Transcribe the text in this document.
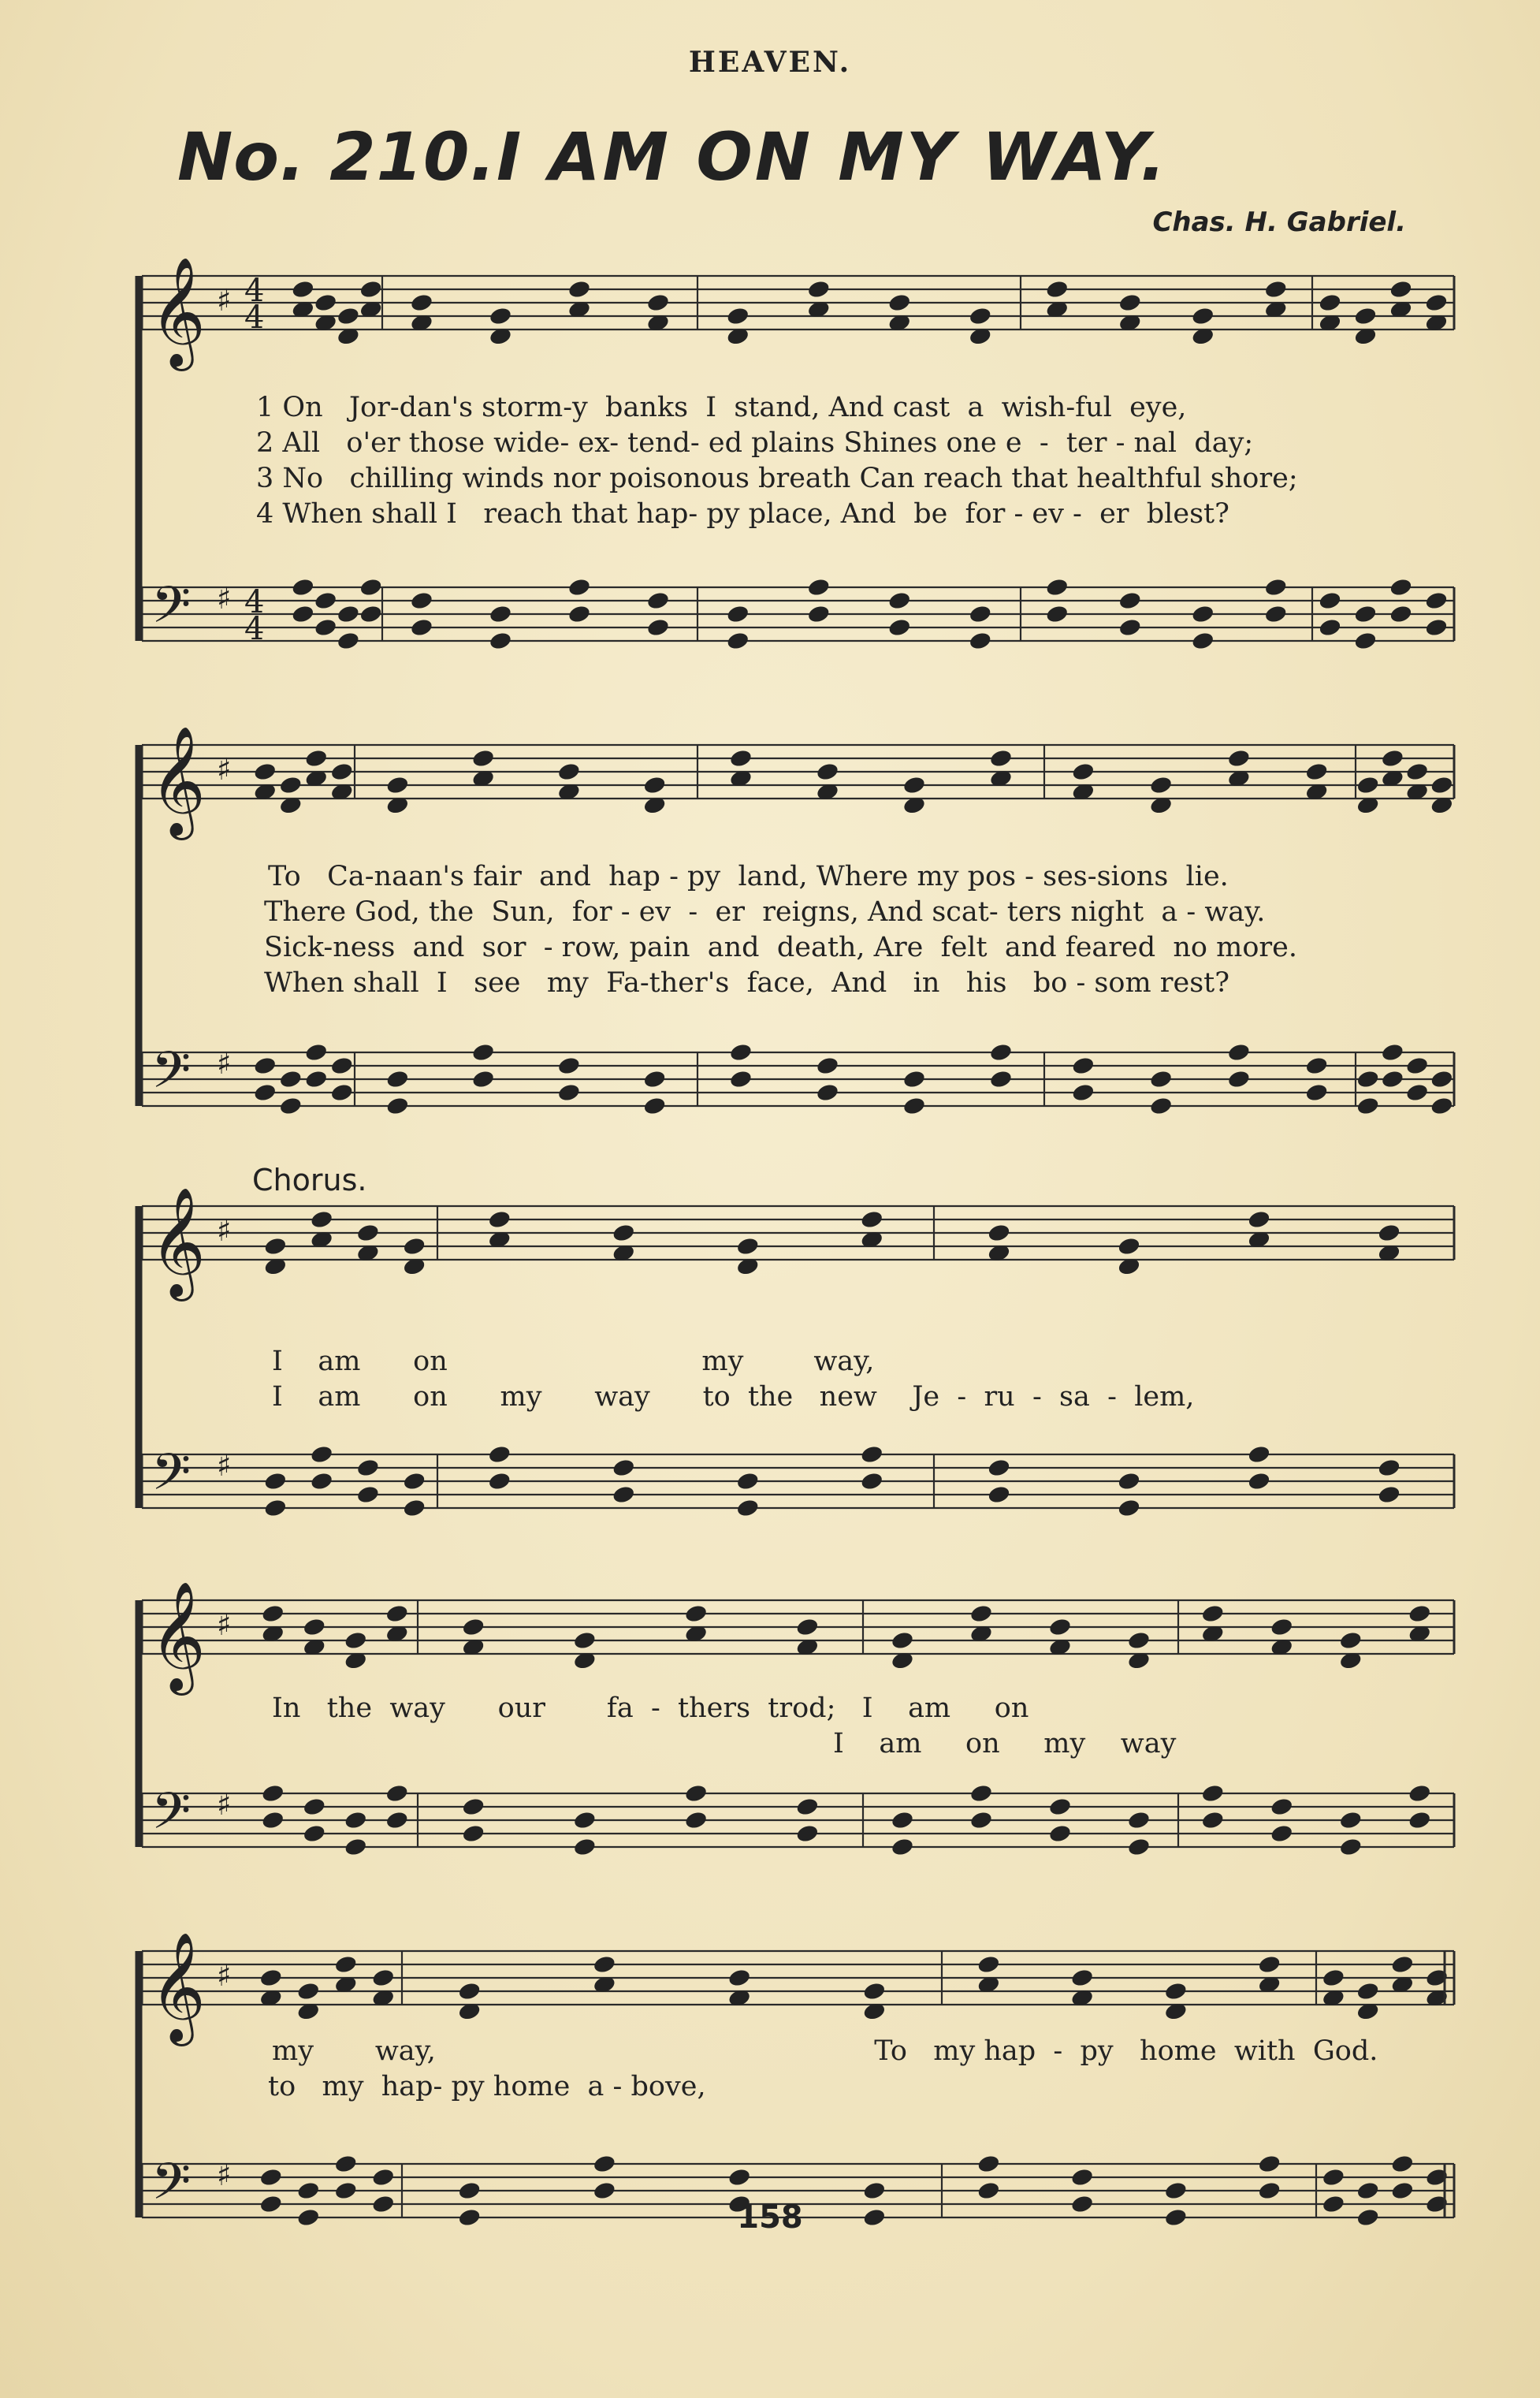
HEAVEN.
No. 210. I AM ON MY WAY.
Chas. H. Gabriel.
𝄞 ♯ 4
4
𝄢 ♯ 4
4
𝄞 ♯
𝄢 ♯
𝄞 ♯
𝄢 ♯
𝄞 ♯
𝄢 ♯
𝄞 ♯
𝄢 ♯
1 On   Jor-dan's storm-y  banks  I  stand, And cast  a  wish-ful  eye,
2 All   o'er those wide- ex- tend- ed plains Shines one e  -  ter - nal  day;
3 No   chilling winds nor poisonous breath Can reach that healthful shore;
4 When shall I   reach that hap- py place, And  be  for - ev -  er  blest?
To   Ca-naan's fair  and  hap - py  land, Where my pos - ses-sions  lie.
There God, the  Sun,  for - ev  -  er  reigns, And scat- ters night  a - way.
Sick-ness  and  sor  - row, pain  and  death, Are  felt  and feared  no more.
When shall  I   see   my  Fa-ther's  face,  And   in   his   bo - som rest?
Chorus.
I    am      on                             my        way,
I    am      on      my      way      to  the   new    Je  -  ru  -  sa  -  lem,
In   the  way      our       fa  -  thers  trod;   I    am     on
I    am     on     my    way
my       way,                                                  To   my hap  -  py   home  with  God.
to   my  hap- py home  a - bove,
158
